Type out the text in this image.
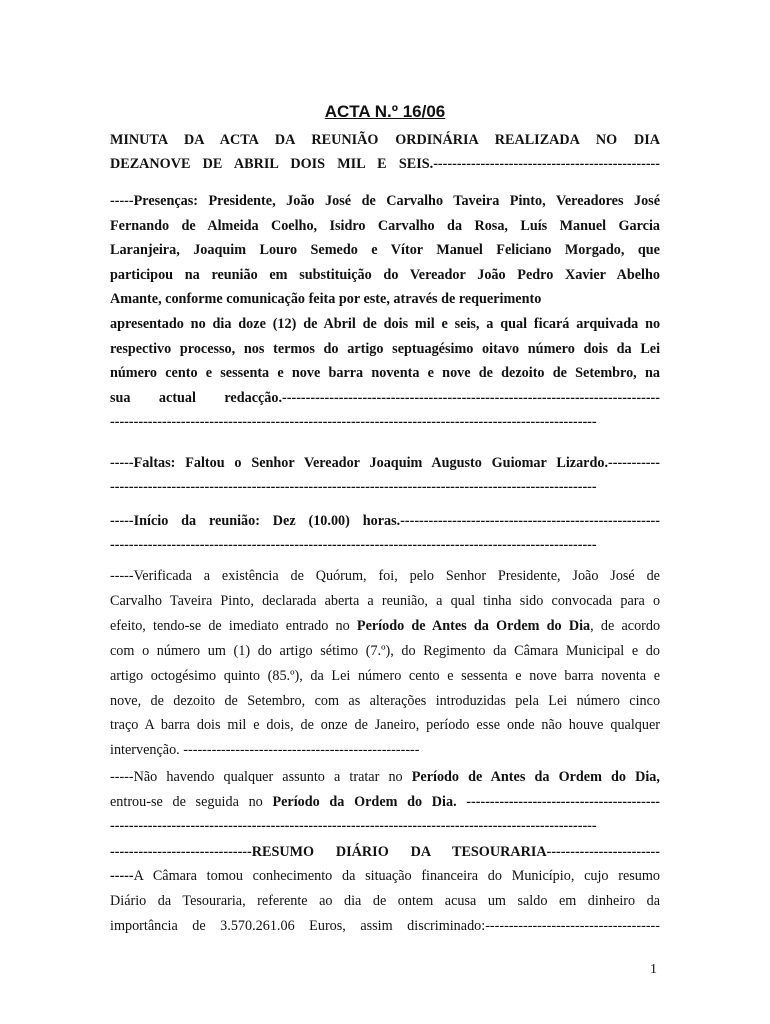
ACTA N.º 16/06
MINUTA DA ACTA DA REUNIÃO ORDINÁRIA REALIZADA NO DIA
DEZANOVE DE ABRIL DOIS MIL E SEIS.------------------------------------------------
-----Presenças: Presidente, João José de Carvalho Taveira Pinto, Vereadores José
Fernando de Almeida Coelho, Isidro Carvalho da Rosa, Luís Manuel Garcia
Laranjeira, Joaquim Louro Semedo e Vítor Manuel Feliciano Morgado, que
participou na reunião em substituição do Vereador João Pedro Xavier Abelho
Amante, conforme comunicação feita por este, através de requerimento
apresentado no dia doze (12) de Abril de dois mil e seis, a qual ficará arquivada no
respectivo processo, nos termos do artigo septuagésimo oitavo número dois da Lei
número cento e sessenta e nove barra noventa e nove de dezoito de Setembro, na
sua actual redacção.--------------------------------------------------------------------------------
-------------------------------------------------------------------------------------------------------
-----Faltas: Faltou o Senhor Vereador Joaquim Augusto Guiomar Lizardo.-----------
-------------------------------------------------------------------------------------------------------
-----Início da reunião: Dez (10.00) horas.-------------------------------------------------------
-------------------------------------------------------------------------------------------------------
-----Verificada a existência de Quórum, foi, pelo Senhor Presidente, João José de
Carvalho Taveira Pinto, declarada aberta a reunião, a qual tinha sido convocada para o
efeito, tendo-se de imediato entrado no Período de Antes da Ordem do Dia, de acordo
com o número um (1) do artigo sétimo (7.º), do Regimento da Câmara Municipal e do
artigo octogésimo quinto (85.º), da Lei número cento e sessenta e nove barra noventa e
nove, de dezoito de Setembro, com as alterações introduzidas pela Lei número cinco
traço A barra dois mil e dois, de onze de Janeiro, período esse onde não houve qualquer
intervenção. --------------------------------------------------
-----Não havendo qualquer assunto a tratar no Período de Antes da Ordem do Dia,
entrou-se de seguida no Período da Ordem do Dia. -----------------------------------------
-------------------------------------------------------------------------------------------------------
------------------------------RESUMO DIÁRIO DA TESOURARIA------------------------
-----A Câmara tomou conhecimento da situação financeira do Município, cujo resumo
Diário da Tesouraria, referente ao dia de ontem acusa um saldo em dinheiro da
importância de 3.570.261.06 Euros, assim discriminado:-------------------------------------
1
